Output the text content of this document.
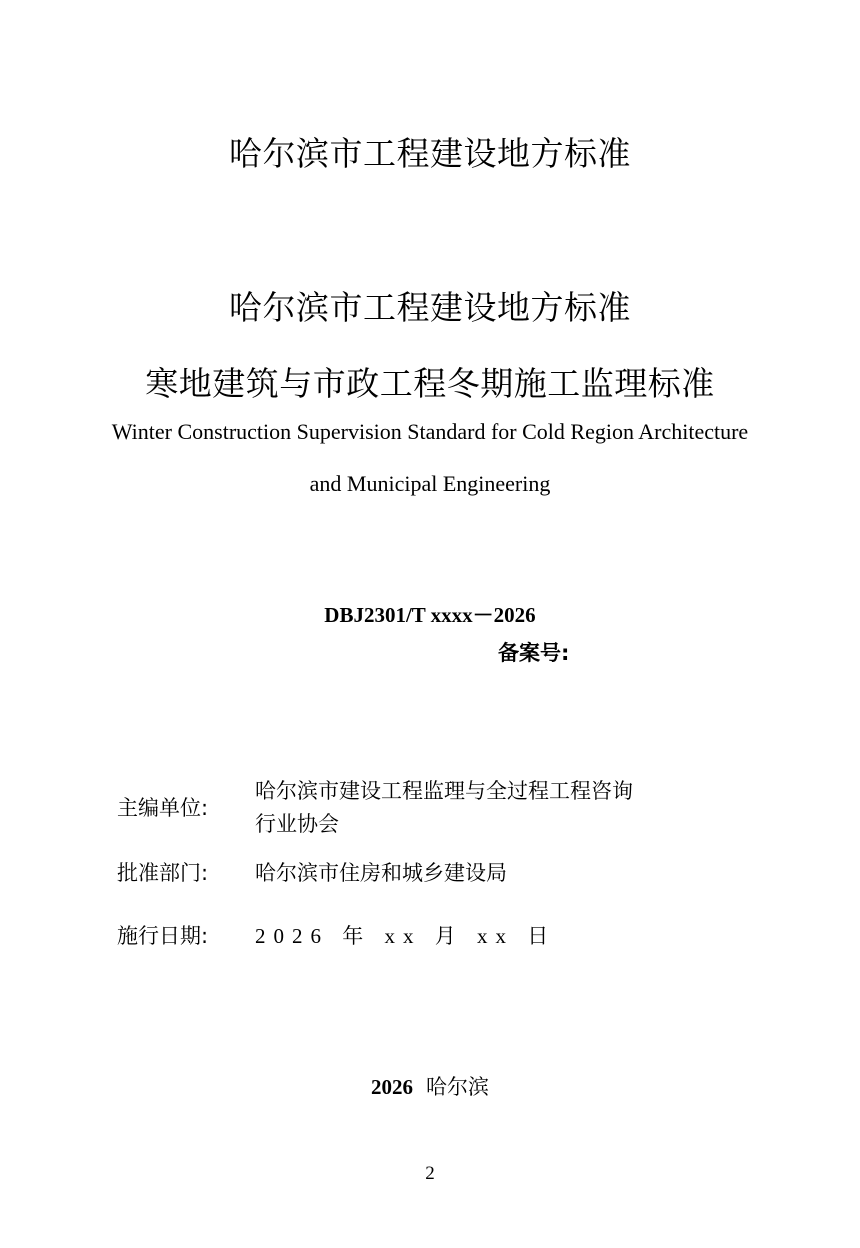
哈尔滨市工程建设地方标准
哈尔滨市工程建设地方标准
寒地建筑与市政工程冬期施工监理标准
Winter Construction Supervision Standard for Cold Region Architecture
and Municipal Engineering
DBJ2301/T xxxx－2026
备案号:
主编单位:
哈尔滨市建设工程监理与全过程工程咨询
行业协会
批准部门: 哈尔滨市住房和城乡建设局
施行日期: 2026 年 xx 月 xx 日
2026 哈尔滨
2
